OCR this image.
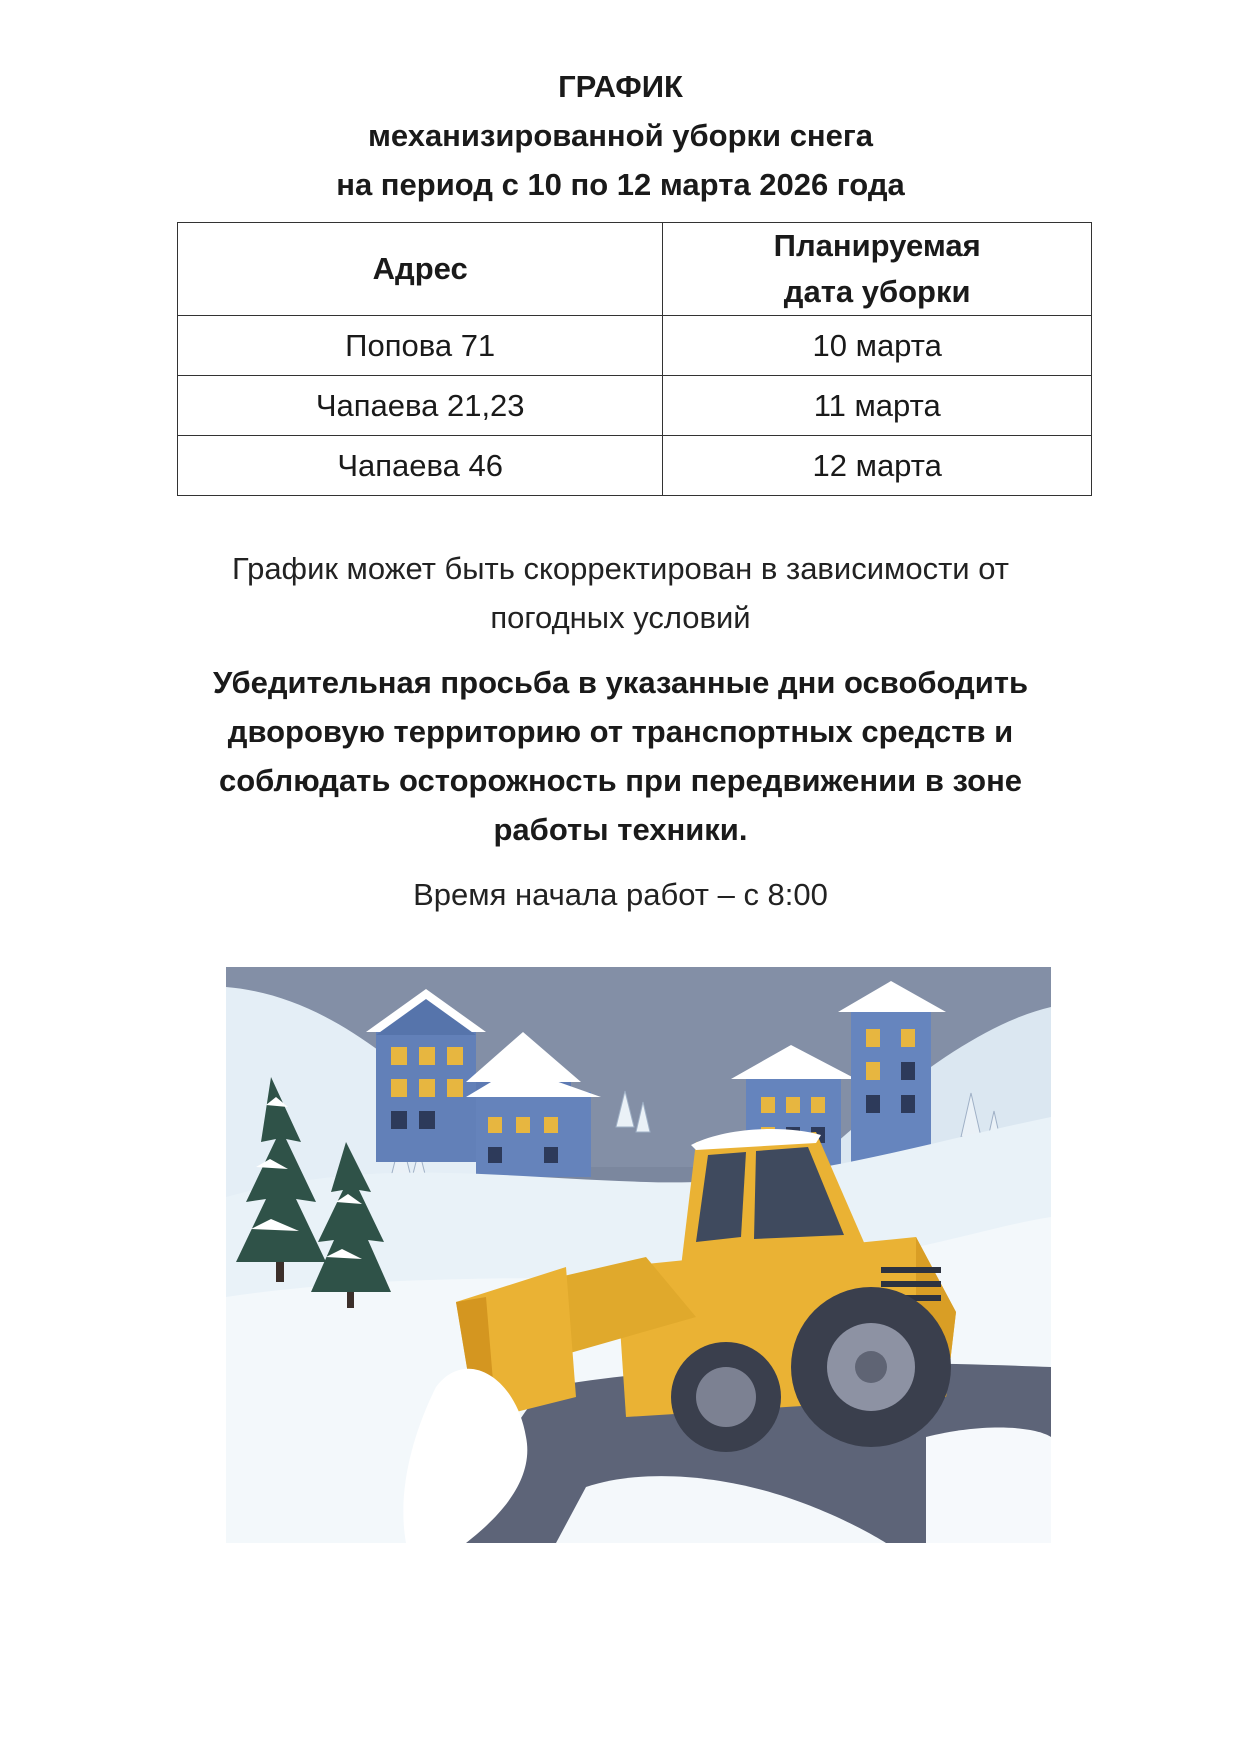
ГРАФИК
механизированной уборки снега
на период с 10 по 12 марта 2026 года
Адрес	Планируемая
дата уборки

Попова 71	10 марта
Чапаева 21,23	11 марта
Чапаева 46	12 марта
График может быть скорректирован в зависимости от
погодных условий
Убедительная просьба в указанные дни освободить
дворовую территорию от транспортных средств и
соблюдать осторожность при передвижении в зоне
работы техники.
Время начала работ – с 8:00
